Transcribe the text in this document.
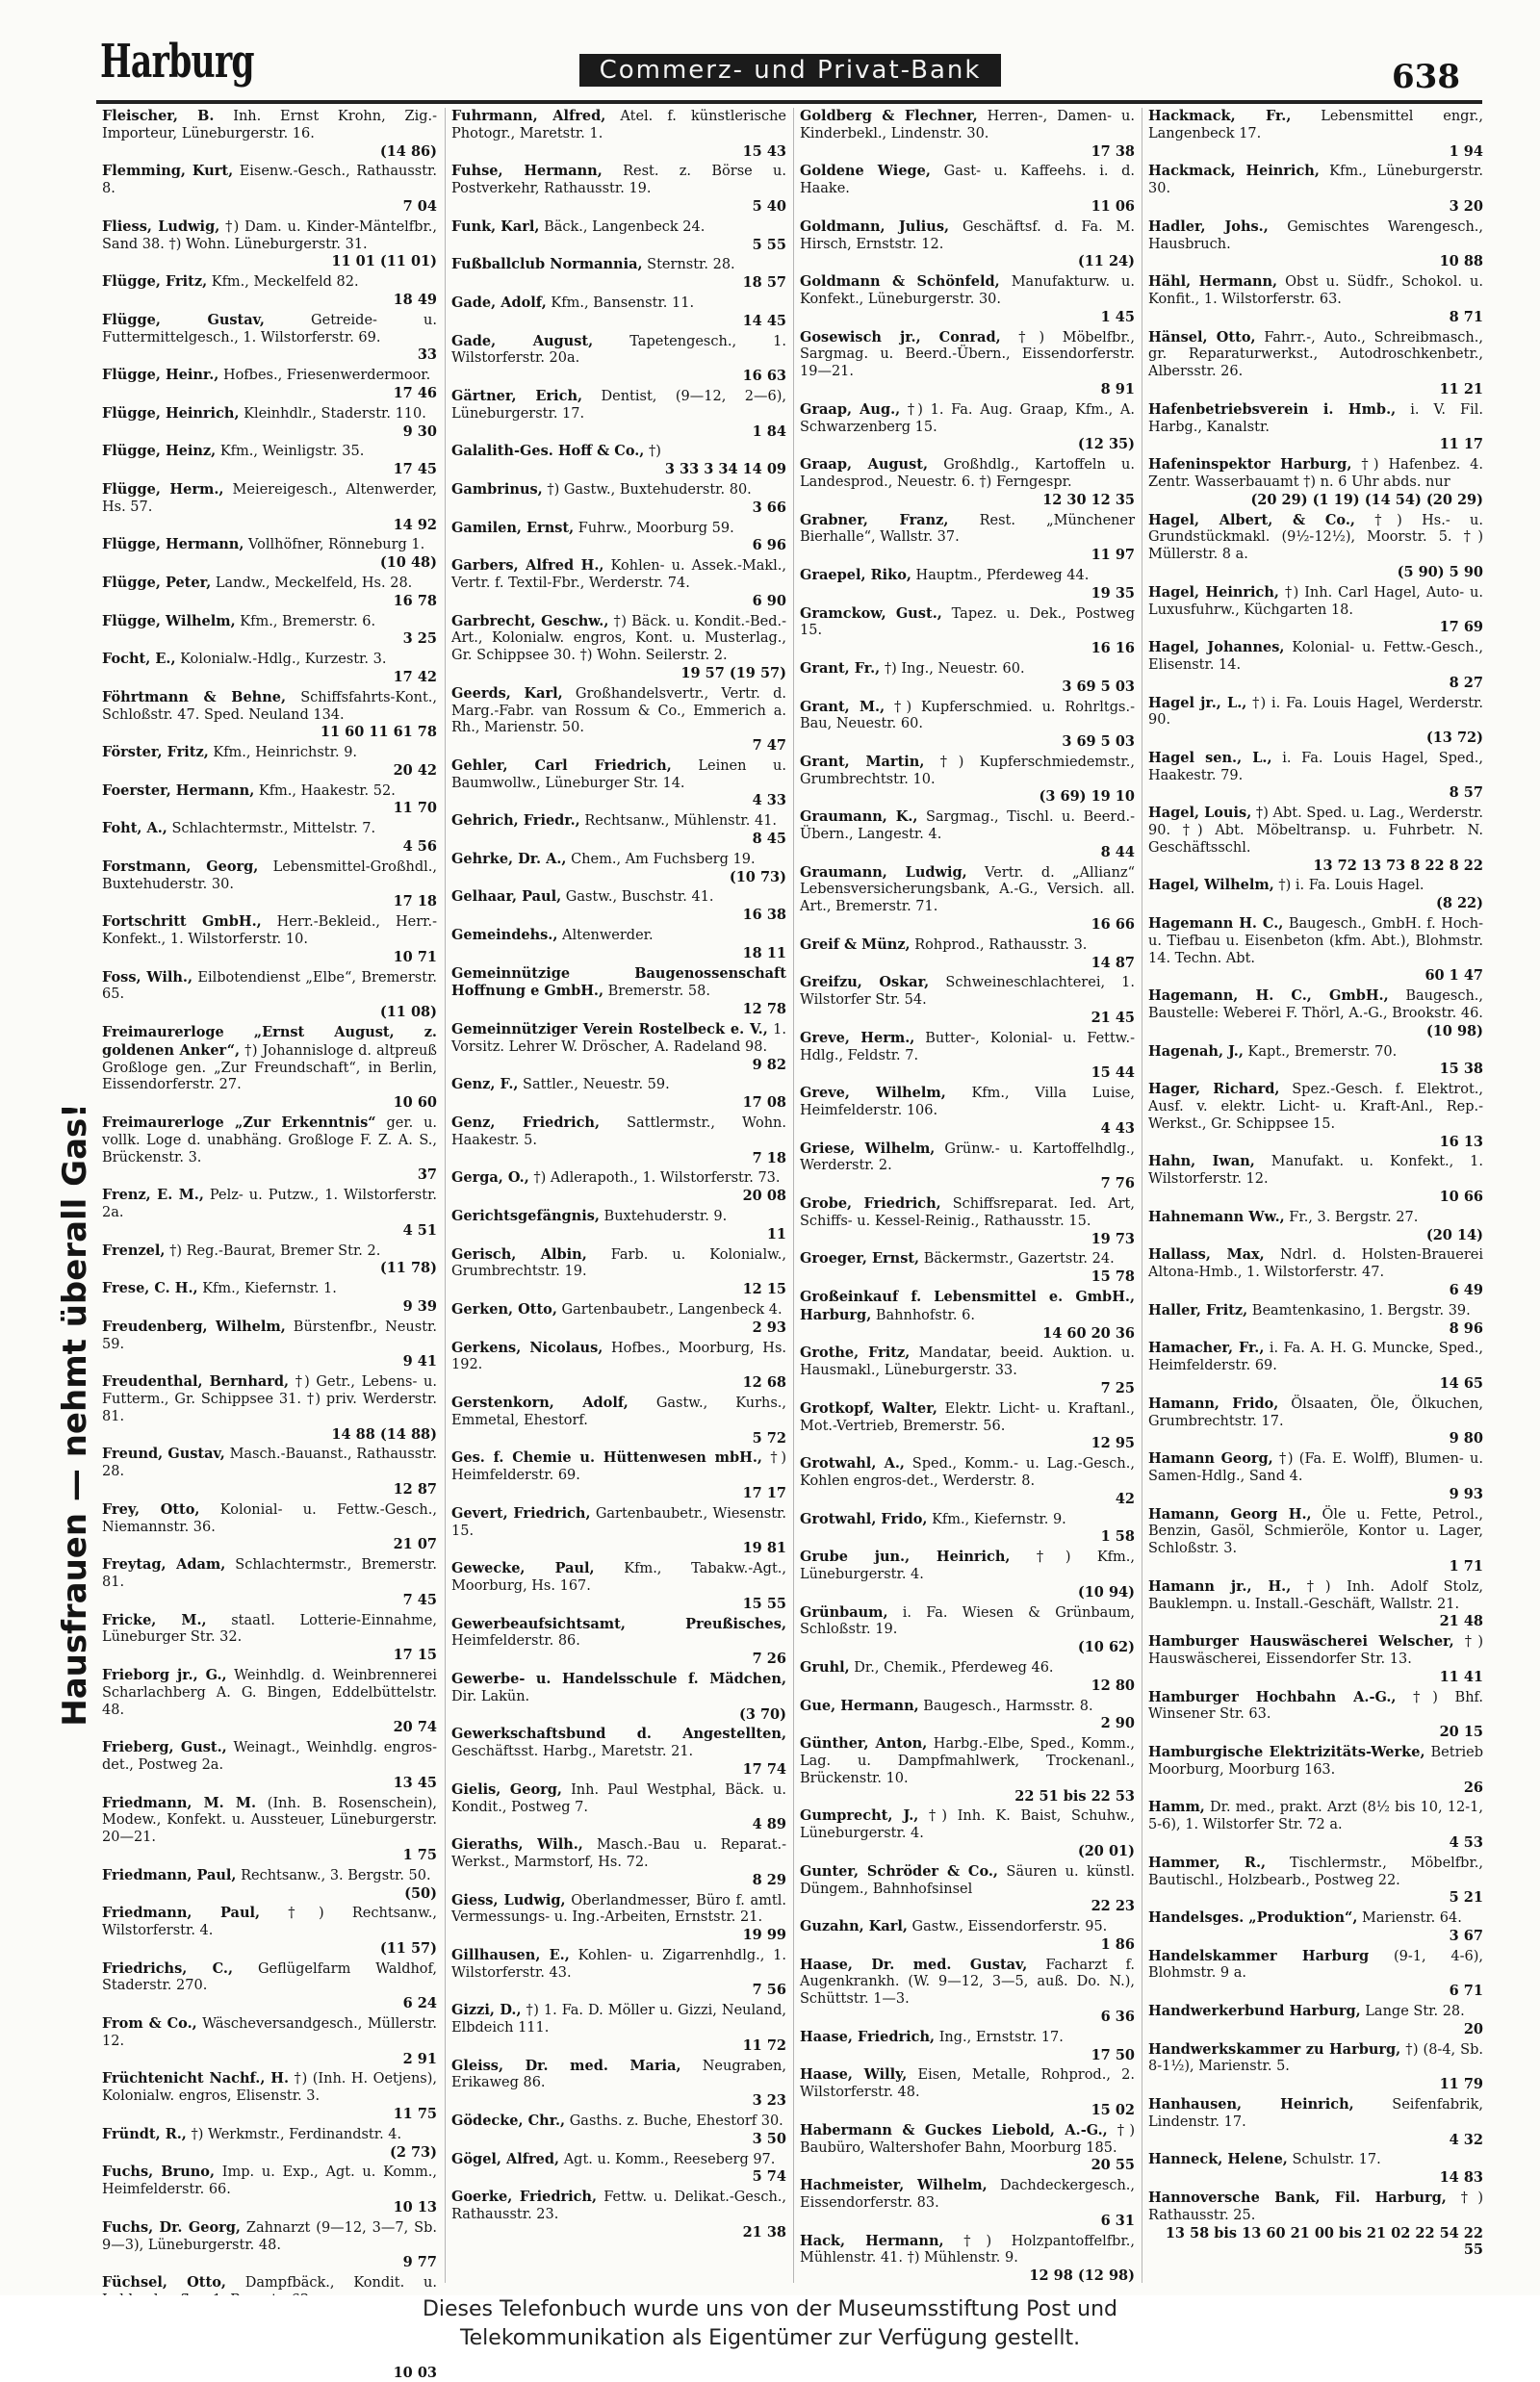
Harburg	Commerz- und Privat-Bank	638
Hausfrauen — nehmt überall Gas!
Fleischer, B. Inh. Ernst Krohn, Zig.-Importeur, Lüneburgerstr. 16.
(14 86)
Flemming, Kurt, Eisenw.-Gesch., Rathausstr. 8.
7 04
Fliess, Ludwig, †) Dam. u. Kinder-Mäntelfbr., Sand 38. †) Wohn. Lüneburgerstr. 31.
11 01 (11 01)
Flügge, Fritz, Kfm., Meckelfeld 82.
18 49
Flügge, Gustav,	Getreide- u. Futtermittelgesch., 1. Wilstorferstr. 69.
33
Flügge, Heinr., Hofbes., Friesenwerdermoor.
17 46
Flügge, Heinrich, Kleinhdlr., Staderstr. 110.
9 30
Flügge, Heinz, Kfm., Weinligstr. 35.
17 45
Flügge, Herm., Meiereigesch., Altenwerder, Hs. 57.
14 92
Flügge, Hermann, Vollhöfner, Rönneburg 1.
(10 48)
Flügge, Peter, Landw., Meckelfeld, Hs. 28.
16 78
Flügge, Wilhelm, Kfm., Bremerstr. 6.
3 25
Focht, E., Kolonialw.-Hdlg., Kurzestr. 3.
17 42
Föhrtmann & Behne, Schiffsfahrts-Kont., Schloßstr. 47. Sped. Neuland 134.
11 60 11 61 78
Förster, Fritz, Kfm., Heinrichstr. 9.
20 42
Foerster, Hermann, Kfm., Haakestr. 52.
11 70
Foht, A., Schlachtermstr., Mittelstr. 7.
4 56
Forstmann, Georg, Lebensmittel-Großhdl., Buxtehuderstr. 30.
17 18
Fortschritt GmbH., Herr.-Bekleid., Herr.-Konfekt., 1. Wilstorferstr. 10.
10 71
Foss, Wilh., Eilbotendienst „Elbe“, Bremerstr. 65.
(11 08)
Freimaurerloge „Ernst August, z. goldenen Anker“, †) Johannisloge d. altpreuß Großloge gen. „Zur Freundschaft“, in Berlin, Eissendorferstr. 27.
10 60
Freimaurerloge „Zur Erkenntnis“ ger. u. vollk. Loge d. unabhäng. Großloge F. Z. A. S., Brückenstr. 3.
37
Frenz, E. M., Pelz- u. Putzw., 1. Wilstorferstr. 2a.
4 51
Frenzel, †) Reg.-Baurat, Bremer Str. 2.
(11 78)
Frese, C. H., Kfm., Kiefernstr. 1.
9 39
Freudenberg, Wilhelm, Bürstenfbr., Neustr. 59.
9 41
Freudenthal, Bernhard, †) Getr., Lebens- u. Futterm., Gr. Schippsee 31. †) priv. Werderstr. 81.
14 88 (14 88)
Freund, Gustav, Masch.-Bauanst., Rathausstr. 28.
12 87
Frey, Otto, Kolonial- u. Fettw.-Gesch., Niemannstr. 36.
21 07
Freytag, Adam, Schlachtermstr., Bremerstr. 81.
7 45
Fricke, M., staatl. Lotterie-Einnahme, Lüneburger Str. 32.
17 15
Frieborg jr., G., Weinhdlg. d. Weinbrennerei Scharlachberg A. G. Bingen, Eddelbüttelstr. 48.
20 74
Frieberg, Gust., Weinagt., Weinhdlg. engros-det., Postweg 2a.
13 45
Friedmann, M. M. (Inh. B. Rosenschein), Modew., Konfekt. u. Aussteuer, Lüneburgerstr. 20—21.
1 75
Friedmann, Paul, Rechtsanw., 3. Bergstr. 50.
(50)
Friedmann, Paul, †) Rechtsanw., Wilstorferstr. 4.
(11 57)
Friedrichs, C., Geflügelfarm Waldhof, Staderstr. 270.
6 24
From & Co., Wäscheversandgesch., Müllerstr. 12.
2 91
Früchtenicht Nachf., H. †) (Inh. H. Oetjens), Kolonialw. engros, Elisenstr. 3.
11 75
Fründt, R., †) Werkmstr., Ferdinandstr. 4.
(2 73)
Fuchs, Bruno, Imp. u. Exp., Agt. u. Komm., Heimfelderstr. 66.
10 13
Fuchs, Dr. Georg, Zahnarzt (9—12, 3—7, Sb. 9—3), Lüneburgerstr. 48.
9 77
Füchsel, Otto, Dampfbäck., Kondit. u.
10 03
Fuhrmann, Alfred, Atel. f. künstlerische Photogr., Maretstr. 1.
15 43
Fuhse, Hermann, Rest. z. Börse u. Postverkehr, Rathausstr. 19.
5 40
Funk, Karl, Bäck., Langenbeck 24.
5 55
Fußballclub Normannia, Sternstr. 28.
18 57
Gade, Adolf, Kfm., Bansenstr. 11.
14 45
Gade, August,	Tapetengesch., 1. Wilstorferstr. 20a.
16 63
Gärtner, Erich, Dentist, (9—12, 2—6), Lüneburgerstr. 17.
1 84
Galalith-Ges. Hoff & Co., †)
3 33 3 34 14 09
Gambrinus, †) Gastw., Buxtehuderstr. 80.
3 66
Gamilen, Ernst, Fuhrw., Moorburg 59.
6 96
Garbers, Alfred H., Kohlen- u. Assek.-Makl., Vertr. f. Textil-Fbr., Werderstr. 74.
6 90
Garbrecht, Geschw., †) Bäck. u. Kondit.-Bed.-Art., Kolonialw. engros, Kont. u. Musterlag., Gr. Schippsee 30. †) Wohn. Seilerstr. 2.
19 57 (19 57)
Geerds, Karl, Großhandelsvertr., Vertr. d. Marg.-Fabr. van Rossum & Co., Emmerich a. Rh., Marienstr. 50.
7 47
Gehler, Carl Friedrich, Leinen u. Baumwollw., Lüneburger Str. 14.
4 33
Gehrich, Friedr., Rechtsanw., Mühlenstr. 41.
8 45
Gehrke, Dr. A., Chem., Am Fuchsberg 19.
(10 73)
Gelhaar, Paul, Gastw., Buschstr. 41.
16 38
Gemeindehs., Altenwerder.
18 11
Gemeinnützige Baugenossenschaft Hoffnung e GmbH., Bremerstr. 58.
12 78
Gemeinnütziger Verein Rostelbeck e. V., 1. Vorsitz. Lehrer W. Dröscher, A. Radeland 98.
9 82
Genz, F., Sattler., Neuestr. 59.
17 08
Genz, Friedrich, Sattlermstr., Wohn. Haakestr. 5.
7 18
Gerga, O., †) Adlerapoth., 1. Wilstorferstr. 73.
20 08
Gerichtsgefängnis, Buxtehuderstr. 9.
11
Gerisch, Albin, Farb. u. Kolonialw., Grumbrechtstr. 19.
12 15
Gerken, Otto, Gartenbaubetr., Langenbeck 4.
2 93
Gerkens, Nicolaus, Hofbes., Moorburg, Hs. 192.
12 68
Gerstenkorn, Adolf, Gastw., Kurhs., Emmetal, Ehestorf.
5 72
Ges. f. Chemie u. Hüttenwesen mbH., †) Heimfelderstr. 69.
17 17
Gevert, Friedrich, Gartenbaubetr., Wiesenstr. 15.
19 81
Gewecke, Paul, Kfm., Tabakw.-Agt., Moorburg, Hs. 167.
15 55
Gewerbeaufsichtsamt, Preußisches, Heimfelderstr. 86.
7 26
Gewerbe- u. Handelsschule f. Mädchen, Dir. Lakün.
(3 70)
Gewerkschaftsbund d. Angestellten, Geschäftsst. Harbg., Maretstr. 21.
17 74
Gielis, Georg, Inh. Paul Westphal, Bäck. u. Kondit., Postweg 7.
4 89
Gieraths, Wilh., Masch.-Bau u. Reparat.-Werkst., Marmstorf, Hs. 72.
8 29
Giess, Ludwig, Oberlandmesser, Büro f. amtl. Vermessungs- u. Ing.-Arbeiten, Ernststr. 21.
19 99
Gillhausen, E., Kohlen- u. Zigarrenhdlg., 1. Wilstorferstr. 43.
7 56
Gizzi, D., †) 1. Fa. D. Möller u. Gizzi, Neuland, Elbdeich 111.
11 72
Gleiss, Dr. med. Maria, Neugraben, Erikaweg 86.
3 23
Gödecke, Chr., Gasths. z. Buche, Ehestorf 30.
3 50
Gögel, Alfred, Agt. u. Komm., Reeseberg 97.
5 74
Goerke, Friedrich, Fettw. u. Delikat.-Gesch., Rathausstr. 23.
21 38
Goldberg & Flechner, Herren-, Damen- u. Kinderbekl., Lindenstr. 30.
17 38
Goldene Wiege, Gast- u. Kaffeehs. i. d. Haake.
11 06
Goldmann, Julius, Geschäftsf. d. Fa. M. Hirsch, Ernststr. 12.
(11 24)
Goldmann & Schönfeld, Manufakturw. u. Konfekt., Lüneburgerstr. 30.
1 45
Gosewisch jr., Conrad, †) Möbelfbr., Sargmag. u. Beerd.-Übern., Eissendorferstr. 19—21.
8 91
Graap, Aug., †) 1. Fa. Aug. Graap, Kfm., A. Schwarzenberg 15.
(12 35)
Graap, August, Großhdlg., Kartoffeln u. Landesprod., Neuestr. 6. †) Ferngespr.
12 30 12 35
Grabner, Franz, Rest. „Münchener Bierhalle“, Wallstr. 37.
11 97
Graepel, Riko, Hauptm., Pferdeweg 44.
19 35
Gramckow, Gust., Tapez. u. Dek., Postweg 15.
16 16
Grant, Fr., †) Ing., Neuestr. 60.
3 69 5 03
Grant, M., †) Kupferschmied. u. Rohrltgs.-Bau, Neuestr. 60.
3 69 5 03
Grant, Martin, †) Kupferschmiedemstr., Grumbrechtstr. 10.
(3 69) 19 10
Graumann, K., Sargmag., Tischl. u. Beerd.-Übern., Langestr. 4.
8 44
Graumann, Ludwig, Vertr. d. „Allianz“ Lebensversicherungsbank, A.-G., Versich. all. Art., Bremerstr. 71.
16 66
Greif & Münz, Rohprod., Rathausstr. 3.
14 87
Greifzu, Oskar, Schweineschlachterei, 1. Wilstorfer Str. 54.
21 45
Greve, Herm., Butter-, Kolonial- u. Fettw.-Hdlg., Feldstr. 7.
15 44
Greve, Wilhelm, Kfm., Villa Luise, Heimfelderstr. 106.
4 43
Griese, Wilhelm, Grünw.- u. Kartoffelhdlg., Werderstr. 2.
7 76
Grobe, Friedrich, Schiffsreparat. Ied. Art, Schiffs- u. Kessel-Reinig., Rathausstr. 15.
19 73
Groeger, Ernst, Bäckermstr., Gazertstr. 24.
15 78
Großeinkauf f. Lebensmittel e. GmbH., Harburg, Bahnhofstr. 6.
14 60 20 36
Grothe, Fritz, Mandatar, beeid. Auktion. u. Hausmakl., Lüneburgerstr. 33.
7 25
Grotkopf, Walter, Elektr. Licht- u. Kraftanl., Mot.-Vertrieb, Bremerstr. 56.
12 95
Grotwahl, A., Sped., Komm.- u. Lag.-Gesch., Kohlen engros-det., Werderstr. 8.
42
Grotwahl, Frido, Kfm., Kiefernstr. 9.
1 58
Grube jun., Heinrich, †) Kfm., Lüneburgerstr. 4.
(10 94)
Grünbaum, i. Fa. Wiesen & Grünbaum, Schloßstr. 19.
(10 62)
Gruhl, Dr., Chemik., Pferdeweg 46.
12 80
Gue, Hermann, Baugesch., Harmsstr. 8.
2 90
Günther, Anton, Harbg.-Elbe, Sped., Komm., Lag. u. Dampfmahlwerk, Trockenanl., Brückenstr. 10.
22 51 bis 22 53
Gumprecht, J., †) Inh. K. Baist, Schuhw., Lüneburgerstr. 4.
(20 01)
Gunter, Schröder & Co., Säuren u. künstl. Düngem., Bahnhofsinsel
22 23
Guzahn, Karl, Gastw., Eissendorferstr. 95.
1 86
Haase, Dr. med. Gustav, Facharzt f. Augenkrankh. (W. 9—12, 3—5, auß. Do. N.), Schüttstr. 1—3.
6 36
Haase, Friedrich, Ing., Ernststr. 17.
17 50
Haase, Willy, Eisen, Metalle, Rohprod., 2. Wilstorferstr. 48.
15 02
Habermann & Guckes Liebold, A.-G., †) Baubüro, Waltershofer Bahn, Moorburg 185.
20 55
Hachmeister, Wilhelm, Dachdeckergesch., Eissendorferstr. 83.
6 31
Hack, Hermann, †) Holzpantoffelfbr., Mühlenstr. 41. †) Mühlenstr. 9.
12 98 (12 98)
Hackmack, Fr., Lebensmittel engr., Langenbeck 17.
1 94
Hackmack, Heinrich, Kfm., Lüneburgerstr. 30.
3 20
Hadler, Johs., Gemischtes Warengesch., Hausbruch.
10 88
Hähl, Hermann, Obst u. Südfr., Schokol. u. Konfit., 1. Wilstorferstr. 63.
8 71
Hänsel, Otto, Fahrr.-, Auto., Schreibmasch., gr. Reparaturwerkst., Autodroschkenbetr., Albersstr. 26.
11 21
Hafenbetriebsverein i. Hmb., i. V. Fil. Harbg., Kanalstr.
11 17
Hafeninspektor Harburg, †) Hafenbez. 4. Zentr. Wasserbauamt †) n. 6 Uhr abds. nur
(20 29) (1 19) (14 54) (20 29)
Hagel, Albert, & Co., †) Hs.- u. Grundstückmakl. (9½-12½), Moorstr. 5. †) Müllerstr. 8 a.
(5 90) 5 90
Hagel, Heinrich, †) Inh. Carl Hagel, Auto- u. Luxusfuhrw., Küchgarten 18.
17 69
Hagel, Johannes, Kolonial- u. Fettw.-Gesch., Elisenstr. 14.
8 27
Hagel jr., L., †) i. Fa. Louis Hagel, Werderstr. 90.
(13 72)
Hagel sen., L., i. Fa. Louis Hagel, Sped., Haakestr. 79.
8 57
Hagel, Louis, †) Abt. Sped. u. Lag., Werderstr. 90. †) Abt. Möbeltransp. u. Fuhrbetr. N. Geschäftsschl.
13 72 13 73 8 22 8 22
Hagel, Wilhelm, †) i. Fa. Louis Hagel.
(8 22)
Hagemann H. C., Baugesch., GmbH. f. Hoch- u. Tiefbau u. Eisenbeton (kfm. Abt.), Blohmstr. 14. Techn. Abt.
60 1 47
Hagemann, H. C., GmbH., Baugesch., Baustelle: Weberei F. Thörl, A.-G., Brookstr. 46.
(10 98)
Hagenah, J., Kapt., Bremerstr. 70.
15 38
Hager, Richard, Spez.-Gesch. f. Elektrot., Ausf. v. elektr. Licht- u. Kraft-Anl., Rep.-Werkst., Gr. Schippsee 15.
16 13
Hahn, Iwan, Manufakt. u. Konfekt., 1. Wilstorferstr. 12.
10 66
Hahnemann Ww., Fr., 3. Bergstr. 27.
(20 14)
Hallass, Max, Ndrl. d. Holsten-Brauerei Altona-Hmb., 1. Wilstorferstr. 47.
6 49
Haller, Fritz, Beamtenkasino, 1. Bergstr. 39.
8 96
Hamacher, Fr., i. Fa. A. H. G. Muncke, Sped., Heimfelderstr. 69.
14 65
Hamann, Frido, Ölsaaten, Öle, Ölkuchen, Grumbrechtstr. 17.
9 80
Hamann Georg, †) (Fa. E. Wolff), Blumen- u. Samen-Hdlg., Sand 4.
9 93
Hamann, Georg H., Öle u. Fette, Petrol., Benzin, Gasöl, Schmieröle, Kontor u. Lager, Schloßstr. 3.
1 71
Hamann jr., H., †) Inh. Adolf Stolz, Bauklempn. u. Install.-Geschäft, Wallstr. 21.
21 48
Hamburger Hauswäscherei Welscher, †) Hauswäscherei, Eissendorfer Str. 13.
11 41
Hamburger Hochbahn A.-G., †) Bhf. Winsener Str. 63.
20 15
Hamburgische Elektrizitäts-Werke, Betrieb Moorburg, Moorburg 163.
26
Hamm, Dr. med., prakt. Arzt (8½ bis 10, 12-1, 5-6), 1. Wilstorfer Str. 72 a.
4 53
Hammer, R., Tischlermstr., Möbelfbr., Bautischl., Holzbearb., Postweg 22.
5 21
Handelsges. „Produktion“, Marienstr. 64.
3 67
Handelskammer Harburg (9-1, 4-6), Blohmstr. 9 a.
6 71
Handwerkerbund Harburg, Lange Str. 28.
20
Handwerkskammer zu Harburg, †) (8-4, Sb. 8-1½), Marienstr. 5.
11 79
Hanhausen, Heinrich,	Seifenfabrik, Lindenstr. 17.
4 32
Hanneck, Helene, Schulstr. 17.
14 83
Hannoversche Bank, Fil. Harburg, †) Rathausstr. 25.
13 58 bis 13 60 21 00 bis 21 02 22 54 22 55
Dieses Telefonbuch wurde uns von der Museumsstiftung Post und
Telekommunikation als Eigentümer zur Verfügung gestellt.
